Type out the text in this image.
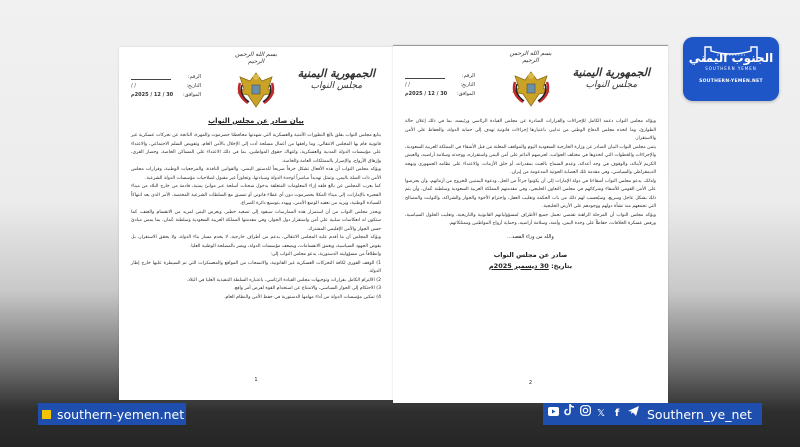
الجمهورية اليمنية
مجلس النواب
بسم الله الرحمن الرحيم
الرقم:
التاريخ:
/ /
الموافق:
30 / 12 / 2025م
بيان صادر عن مجلس النواب

يتابع مجلس النواب بقلق بالغ التطورات الأمنية والعسكرية التي شهدتها محافظتا حضرموت والمهرة، الناتجة عن تحركات عسكرية غير قانونية قام بها المجلس الانتقالي، وما رافقها من أعمال مسلحة أدت إلى الإخلال بالأمن العام، وتقويض السلم الاجتماعي، والاعتداء على مؤسسات الدولة المدنية والعسكرية، وانتهاك حقوق المواطنين، بما في ذلك الاعتداء على المساكن الخاصة، وحصار القرى، وإزهاق الأرواح، والإضرار بالممتلكات العامة والخاصة.

ويؤكد مجلس النواب أن هذه الأفعال تشكل خرقاً صريحاً للدستور اليمني، والقوانين النافذة، والمرجعيات الوطنية، وقرارات مجلس الأمن ذات الصلة باليمن، وتمثل تهديداً مباشراً لوحدة الدولة وسيادتها، وتجاوزاً غير مقبول لصلاحيات مؤسسات الدولة الشرعية.

كما يعرب المجلس عن بالغ قلقه إزاء المعلومات المتعلقة بدخول شحنات أسلحة عبر موانئ يمنية، قادمة من خارج البلاد من ميناء الفجيرة بالإمارات، إلى ميناء المكلا بحضرموت دون أي غطاء قانوني أو تنسيق مع السلطات الشرعية المختصة، الأمر الذي يعد انتهاكاً للسيادة الوطنية، ويزيد من تعقيد الوضع الأمني، ويهدد بتوسيع دائرة الصراع.

ويحذر مجلس النواب من أن استمرار هذه الممارسات سيقود إلى تصعيد خطير، ويعرض اليمن لمزيد من الانقسام والعنف، كما ستكون له انعكاسات سلبية على أمن واستقرار دول الجوار، وفي مقدمتها المملكة العربية السعودية وسلطنة عُمان، بما يمس مبادئ حسن الجوار والأمن الإقليمي المشترك.

ويؤكد المجلس أن ما أقدم عليه المجلس الانتقالي، بدعم من أطراف خارجية، لا يخدم مسار بناء الدولة، ولا يحقق الاستقرار، بل يقوض الجهود السياسية، ويعمق الانقسامات، ويضعف مؤسسات الدولة، ويضر بالمصلحة الوطنية العليا.

وانطلاقاً من مسؤوليته الدستورية، يدعو مجلس النواب إلى:

1) الوقف الفوري لكافة التحركات العسكرية غير القانونية، والانسحاب من المواقع والمعسكرات التي تم السيطرة عليها خارج إطار الدولة.

2) الالتزام الكامل بقرارات وتوجيهات مجلس القيادة الرئاسي، باعتباره السلطة التنفيذية العليا في البلاد.

3) الاحتكام إلى الحوار السياسي، والامتناع عن استخدام القوة لفرض أمر واقع.

4) تمكين مؤسسات الدولة من أداء مهامها الدستورية في حفظ الأمن والنظام العام.

1
الجمهورية اليمنية
مجلس النواب
بسم الله الرحمن الرحيم
الرقم:
التاريخ:
/ /
الموافق:
30 / 12 / 2025م

ويؤكد مجلس النواب دعمه الكامل للإجراءات والقرارات الصادرة عن مجلس القيادة الرئاسي ورئيسه، بما في ذلك إعلان حالة الطوارئ، وما اتخذه مجلس الدفاع الوطني من تدابير، باعتبارها إجراءات قانونية تهدف إلى حماية الدولة، والحفاظ على الأمن والاستقرار.

يثمن مجلس النواب البيان الصادر عن وزارة الخارجية السعودية اليوم والمواقف المعلنة من قبل الأشقاء في المملكة العربية السعودية، والإجراءات والخطوات التي اتخذوها في مختلف الجوانب، لحرصهم الدائم على أمن اليمن واستقراره، ووحدته وسلامة أراضيه، والعيش الكريم لأبنائه، والوقوف في وجه أعدائه، وعدم السماح بالعبث بمقدراته، أو خلق الأزمات، والاعتداء على نظامه الجمهوري ونهجه الديمقراطي والسياسي، وفي مقدمة تلك العصابة الحوثية المدعومة من إيران.

ولذلك، يدعو مجلس النواب أشقاءنا في دولة الإمارات إلى أن يكونوا جزءاً من الحل، ودعوة اليمنيين للخروج من أزماتهم، وأن يحرصوا على الأمن القومي للأشقاء وشركائهم في مجلس التعاون الخليجي، وفي مقدمتهم المملكة العربية السعودية وسلطنة عُمان، وأن يتم ذلك بشكل عاجل وسريع، وسيُحسب لهم ذلك من باب الحكمة وتغليب العقل، واحترام الأخوة والجوار والشراكة، والثوابت والمصالح التي تجمعهم منذ نشأة دولهم ووجودهم على الأرض الخليجية.

ويؤكد مجلس النواب أن المرحلة الراهنة تقتضي تحمل جميع الأطراف لمسؤولياتهم القانونية والتاريخية، وتغليب الحلول السياسية، ورفض عسكرة الخلافات، حفاظاً على وحدة اليمن، وأمنه، وسلامة أراضيه، وحماية أرواح المواطنين وممتلكاتهم.

والله من وراء القصد...
صادر عن مجلس النواب
بتاريخ: 30 ديسمبر 2025م
2
الجنوب اليمني
SOUTHERN YEMEN
SOUTHERN-YEMEN.NET
southern-yemen.net	𝕏 f	Southern_ye_net
